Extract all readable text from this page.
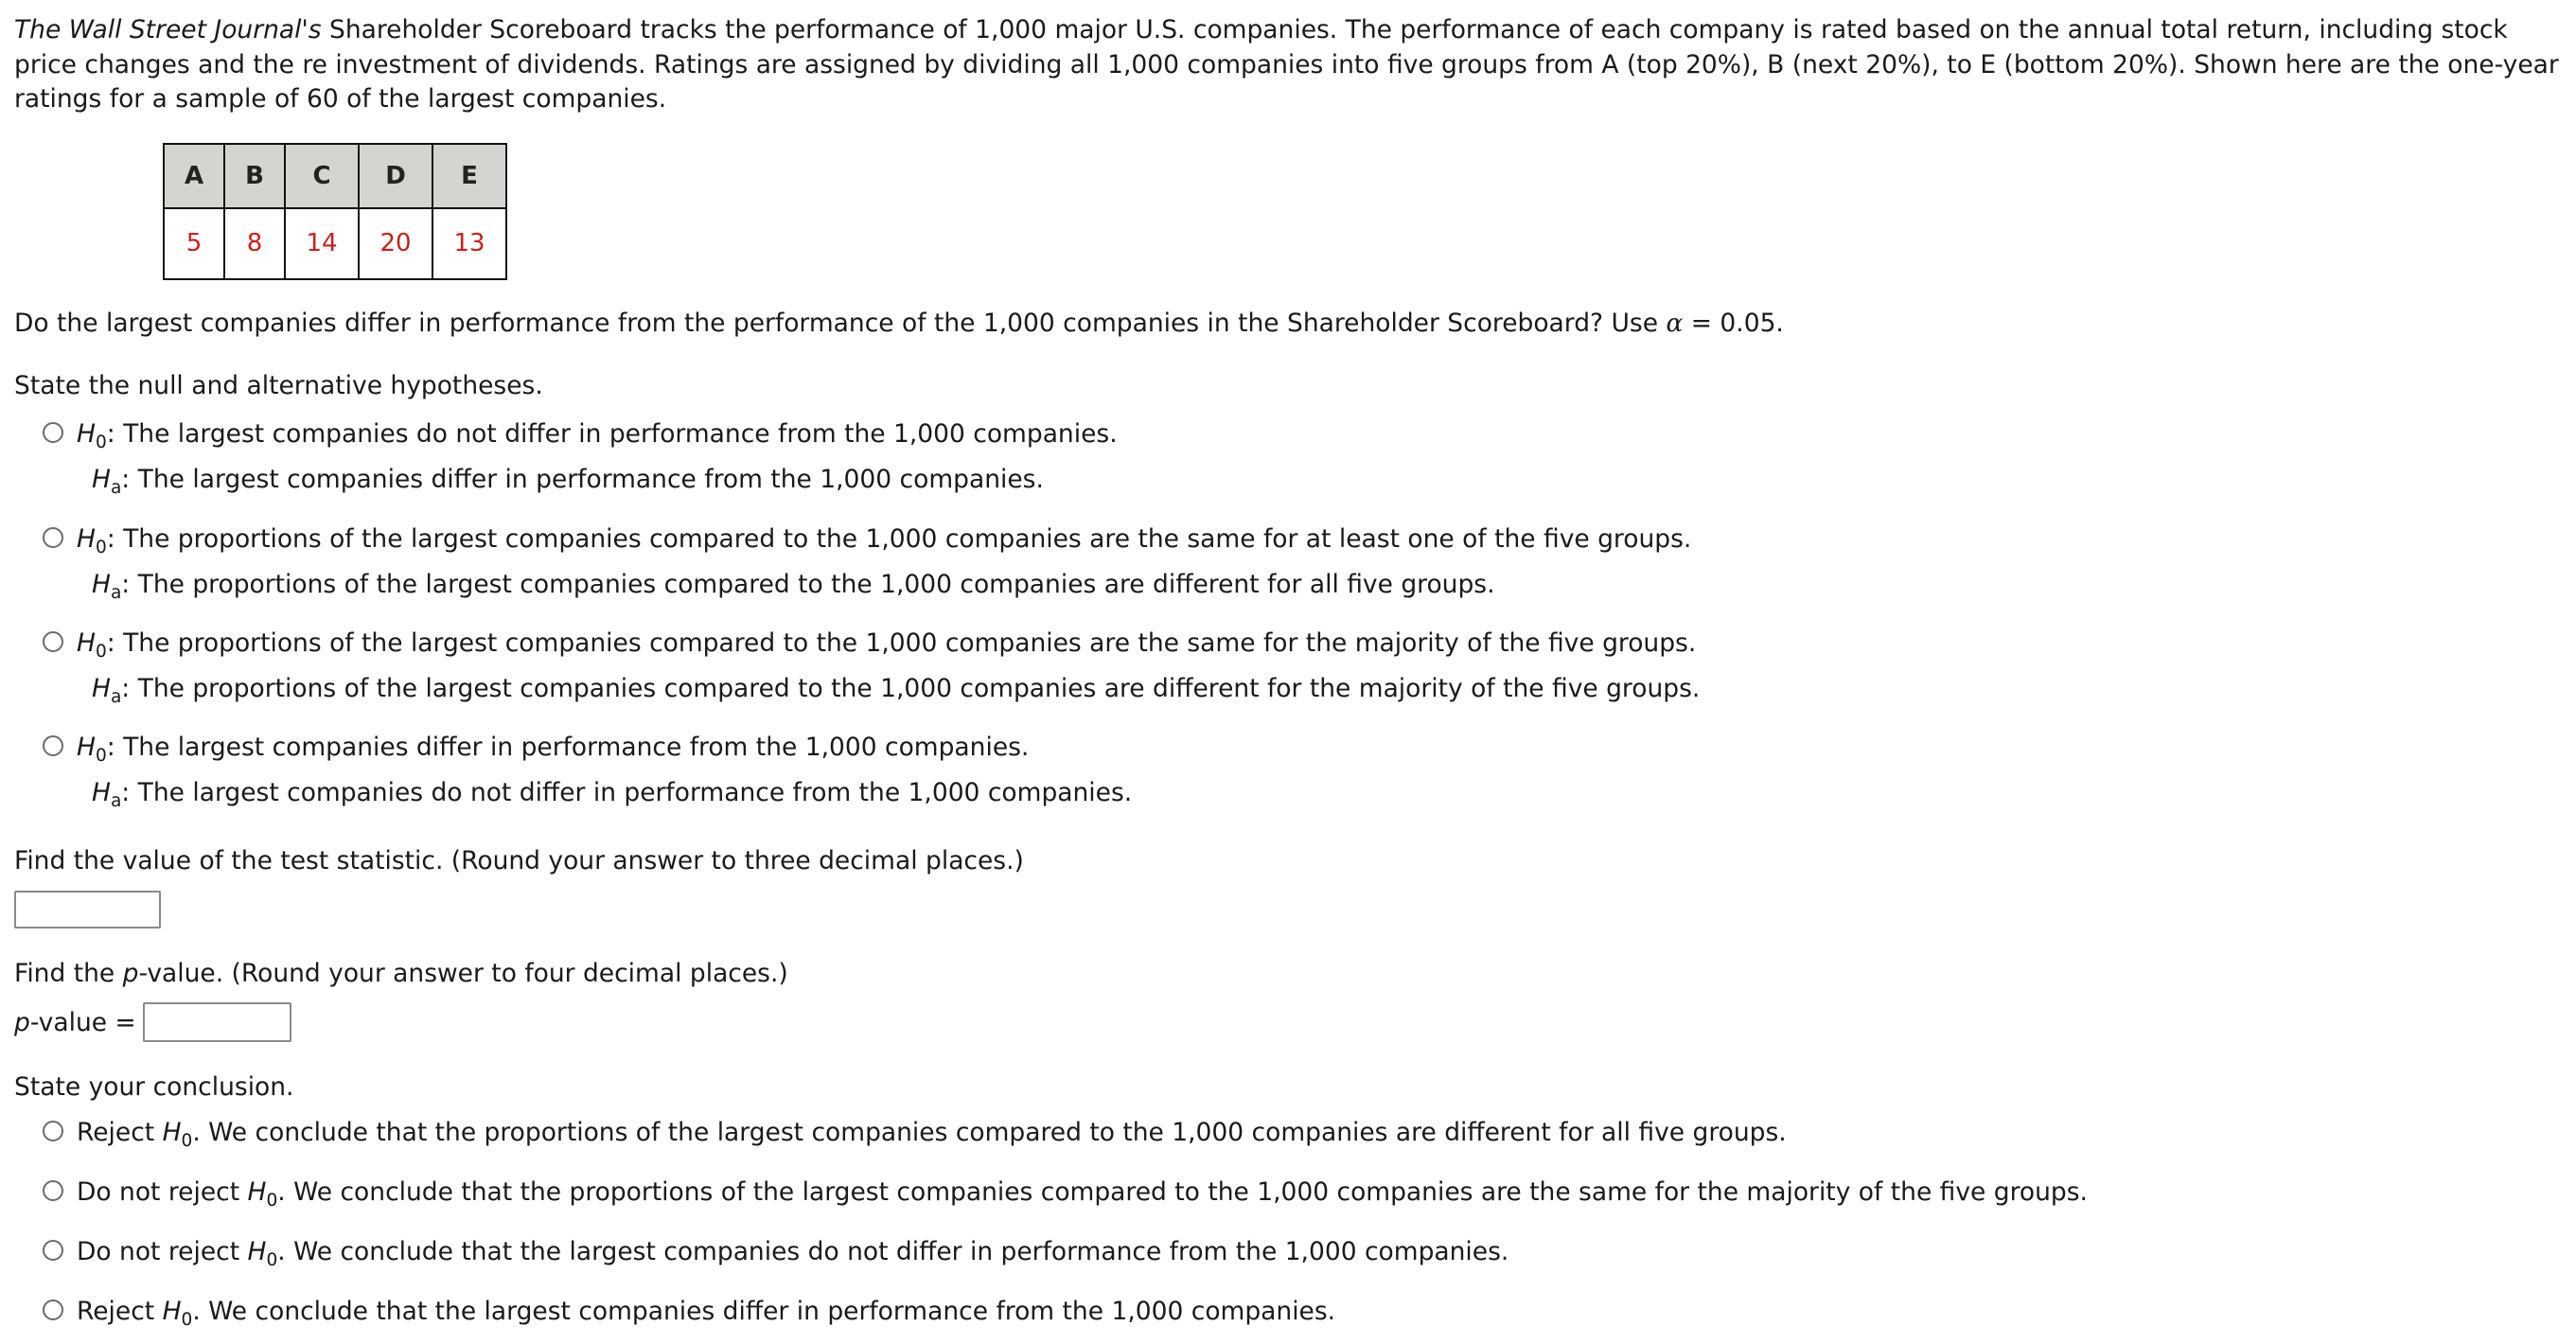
The Wall Street Journal's Shareholder Scoreboard tracks the performance of 1,000 major U.S. companies. The performance of each company is rated based on the annual total return, including stock price changes and the re investment of dividends. Ratings are assigned by dividing all 1,000 companies into five groups from A (top 20%), B (next 20%), to E (bottom 20%). Shown here are the one-year ratings for a sample of 60 of the largest companies.
A	B	C	D	E
5	8	14	20	13
Do the largest companies differ in performance from the performance of the 1,000 companies in the Shareholder Scoreboard? Use α = 0.05.
State the null and alternative hypotheses.
$H_0$: The largest companies do not differ in performance from the 1,000 companies.
$H_a$: The largest companies differ in performance from the 1,000 companies.
$H_0$: The proportions of the largest companies compared to the 1,000 companies are the same for at least one of the five groups.
$H_a$: The proportions of the largest companies compared to the 1,000 companies are different for all five groups.
$H_0$: The proportions of the largest companies compared to the 1,000 companies are the same for the majority of the five groups.
$H_a$: The proportions of the largest companies compared to the 1,000 companies are different for the majority of the five groups.
$H_0$: The largest companies differ in performance from the 1,000 companies.
$H_a$: The largest companies do not differ in performance from the 1,000 companies.
Find the value of the test statistic. (Round your answer to three decimal places.)
Find the p-value. (Round your answer to four decimal places.)
p-value =
State your conclusion.
Reject $H_0$. We conclude that the proportions of the largest companies compared to the 1,000 companies are different for all five groups.
Do not reject $H_0$. We conclude that the proportions of the largest companies compared to the 1,000 companies are the same for the majority of the five groups.
Do not reject $H_0$. We conclude that the largest companies do not differ in performance from the 1,000 companies.
Reject $H_0$. We conclude that the largest companies differ in performance from the 1,000 companies.
